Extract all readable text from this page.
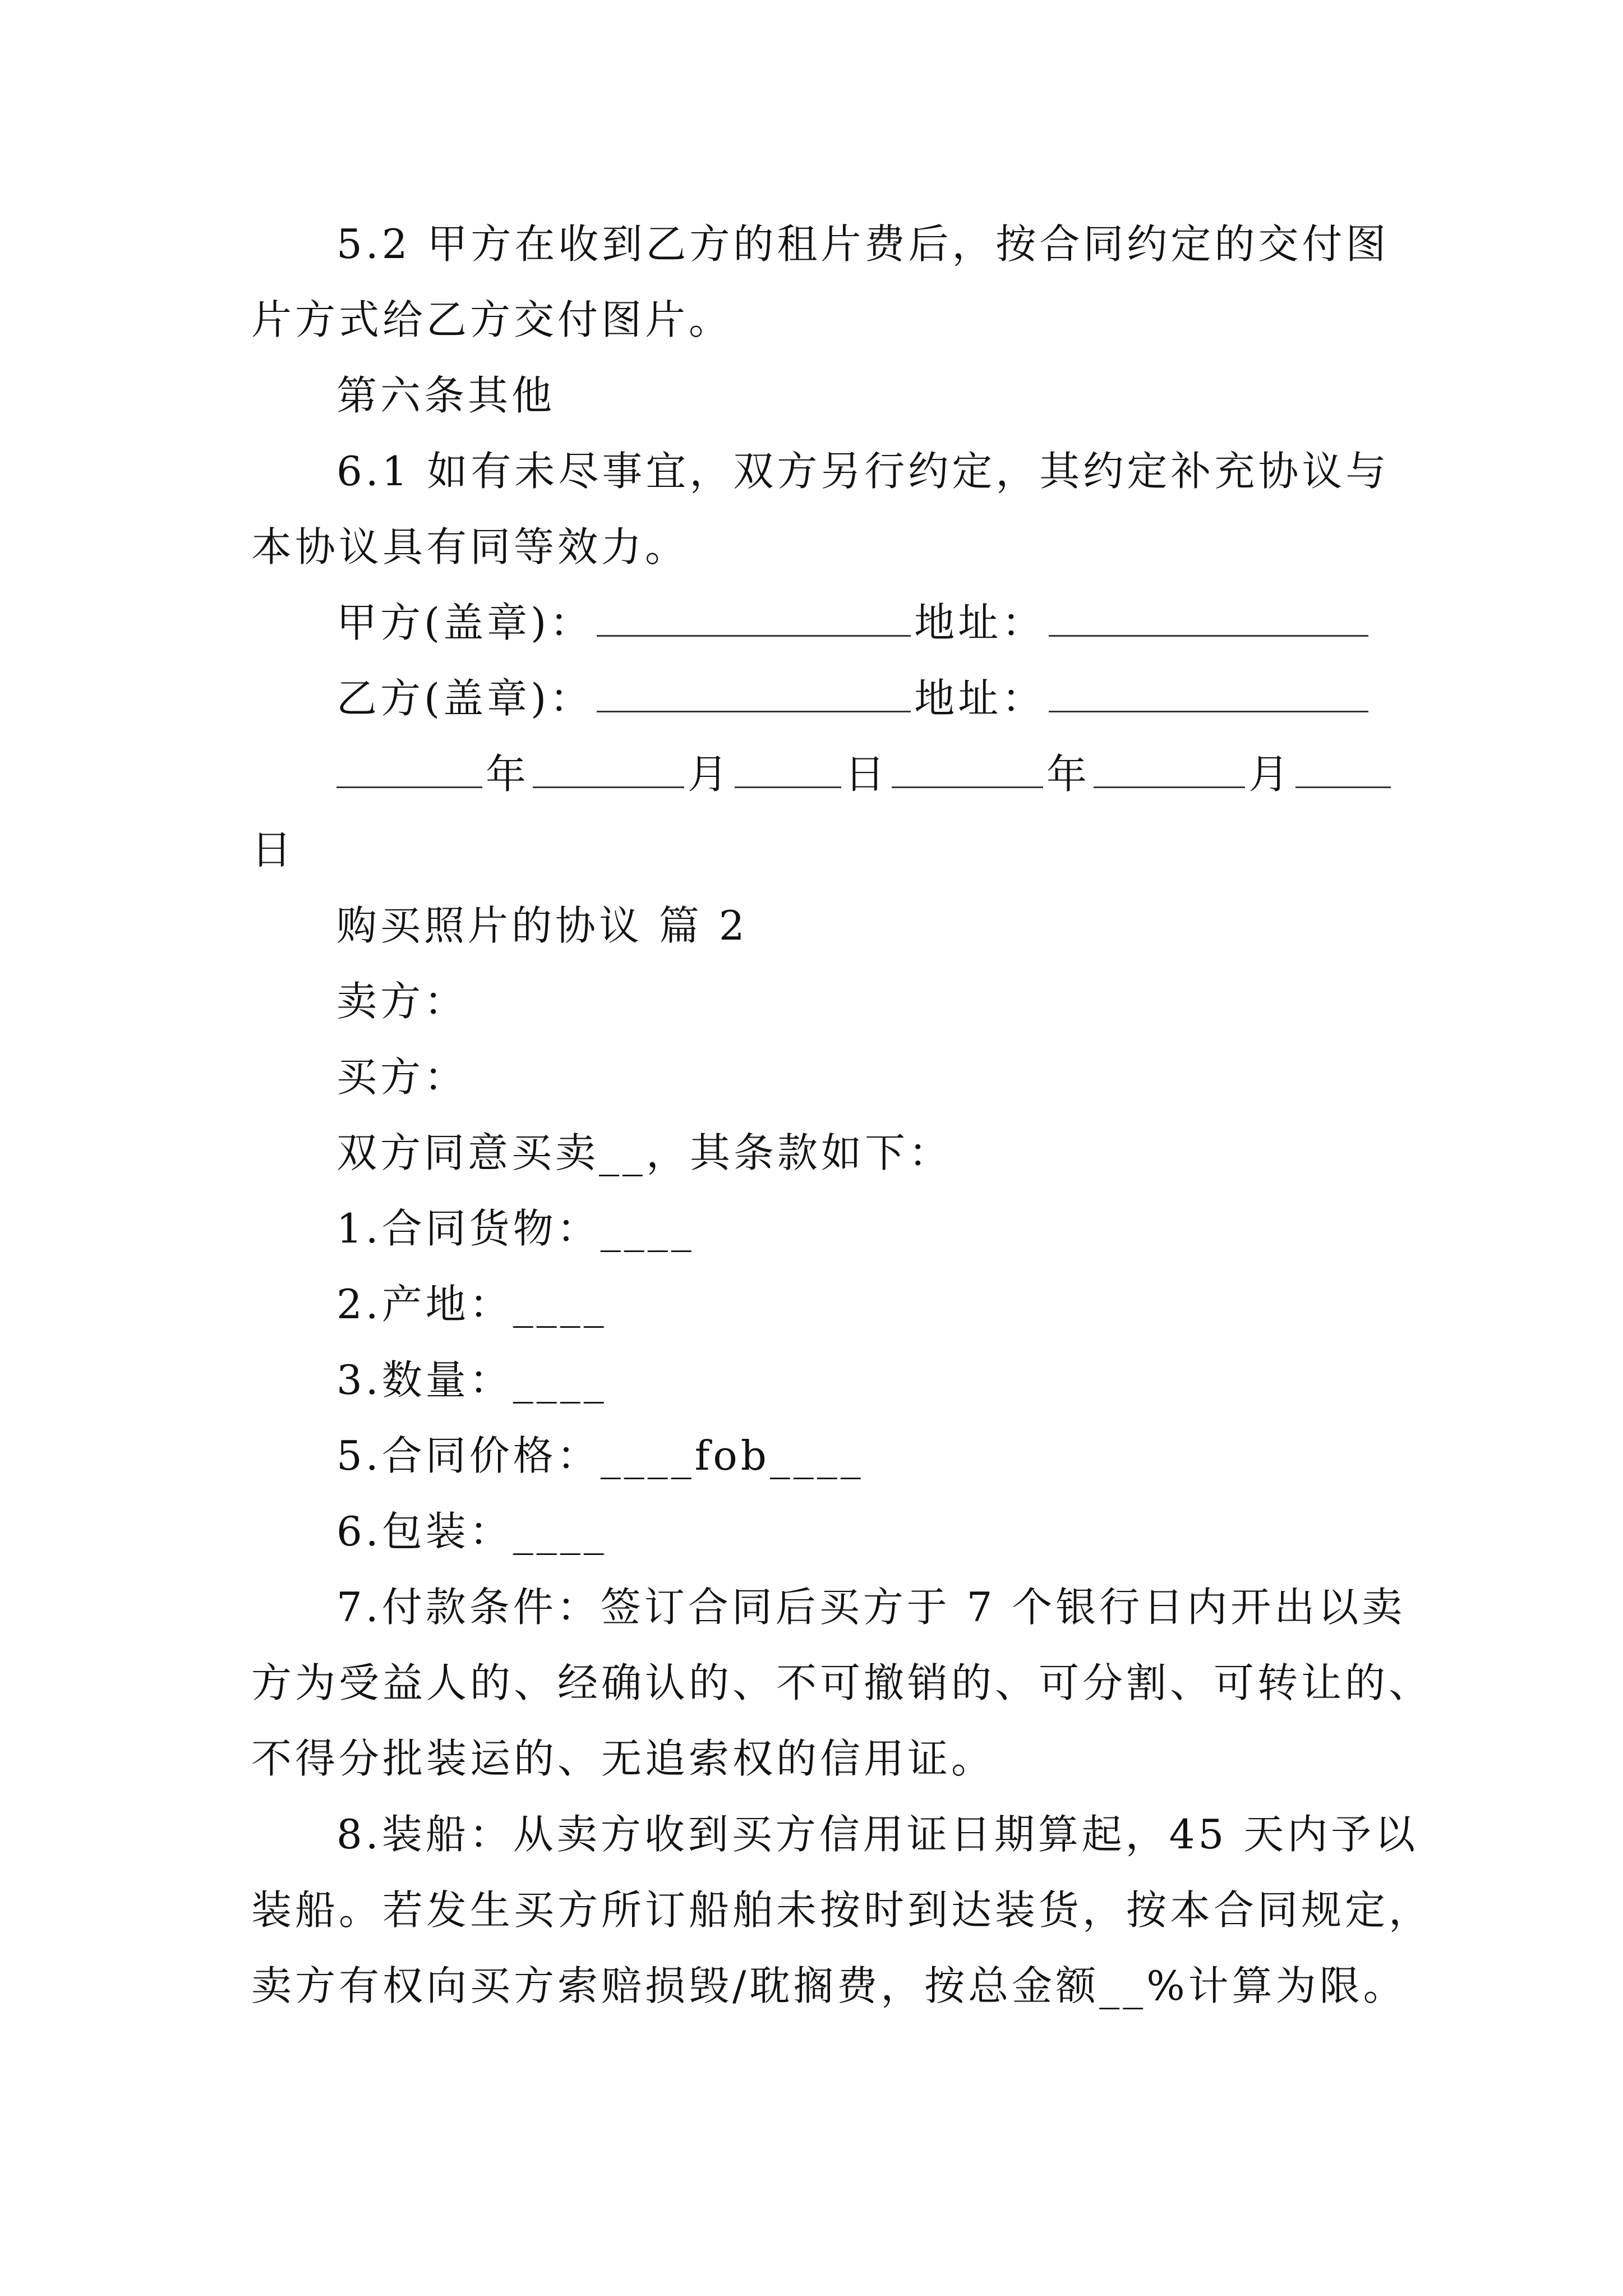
5.2 甲方在收到乙方的租片费后，按合同约定的交付图
片方式给乙方交付图片。
第六条其他
6.1 如有未尽事宜，双方另行约定，其约定补充协议与
本协议具有同等效力。
甲方(盖章)：	地址：
乙方(盖章)：	地址：
年	月	日	年	月
日
购买照片的协议 篇 2
卖方：
买方：
双方同意买卖__，其条款如下：
1.合同货物：____
2.产地：____
3.数量：____
5.合同价格：____fob____
6.包装：____
7.付款条件：签订合同后买方于 7 个银行日内开出以卖
方为受益人的、经确认的、不可撤销的、可分割、可转让的、
不得分批装运的、无追索权的信用证。
8.装船：从卖方收到买方信用证日期算起，45 天内予以
装船。若发生买方所订船舶未按时到达装货，按本合同规定，
卖方有权向买方索赔损毁/耽搁费，按总金额__%计算为限。
